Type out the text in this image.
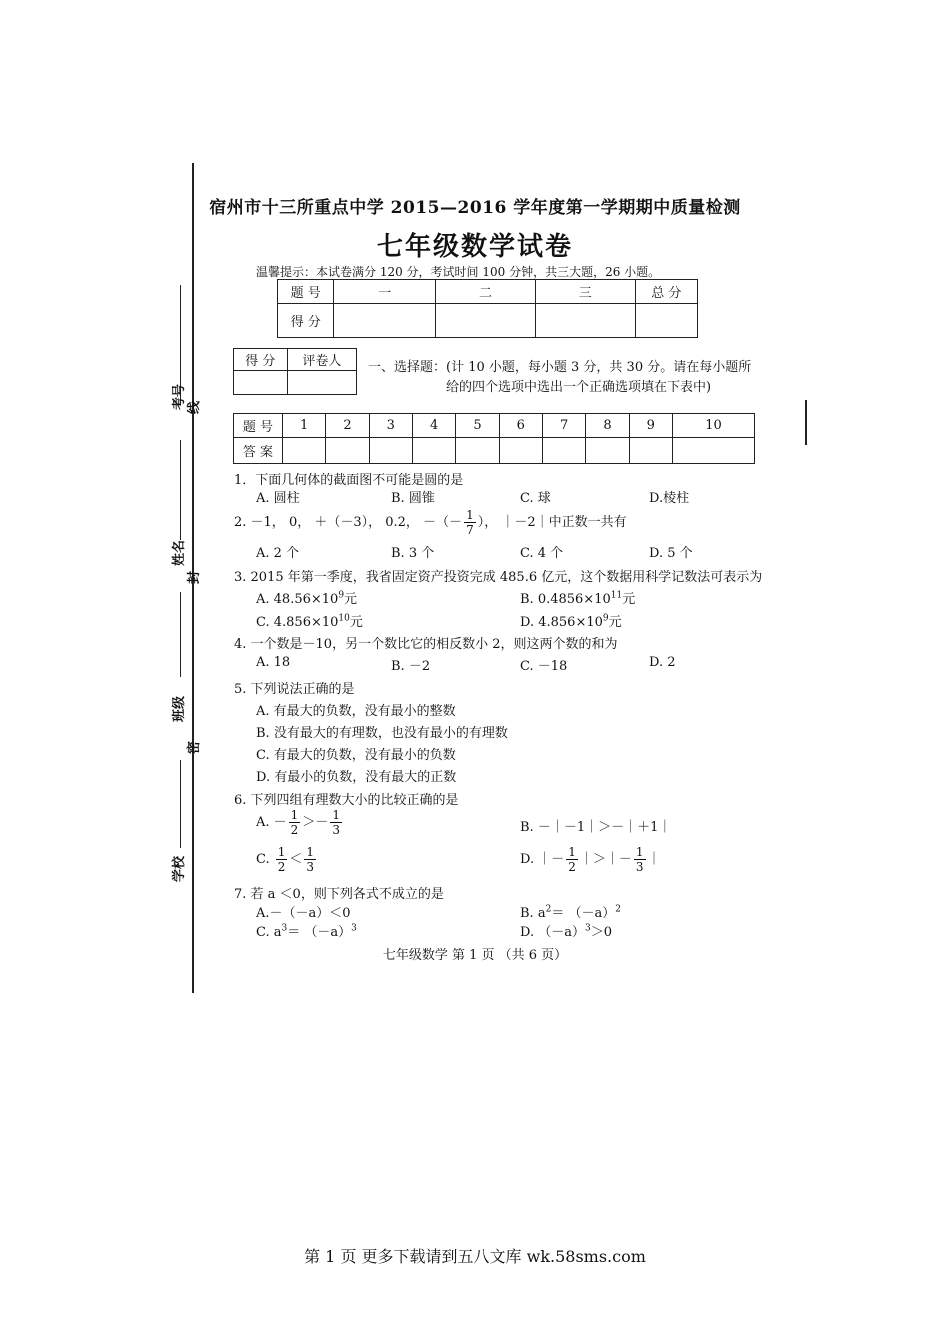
考号 线
姓名
封
班级
密
学校
宿州市十三所重点中学 2015—2016 学年度第一学期期中质量检测
七年级数学试卷
温馨提示：本试卷满分 120 分，考试时间 100 分钟，共三大题，26 小题。
题 号	一	二	三	总 分
得 分				
得 分	评卷人
	一、选择题：(计 10 小题，每小题 3 分，共 30 分。请在每小题所
给的四个选项中选出一个正确选项填在下表中)
题 号	1	2	3	4	5	6	7	8	9	10
答 案										
1．下面几何体的截面图不可能是圆的是
A. 圆柱	B. 圆锥	C. 球	D.棱柱
2. －1， 0， ＋（－3）， 0.2， －（－ $\frac{1}{7}$ ）， ｜－2｜中正数一共有
A. 2 个	B. 3 个	C. 4 个	D. 5 个
3. 2015 年第一季度，我省固定资产投资完成 485.6 亿元，这个数据用科学记数法可表示为
A. $48.56\times 10^9$元	B. $0.4856\times 10^{11}$元
C. $4.856\times 10^{10}$元	D. $4.856\times 10^9$元
4. 一个数是－10，另一个数比它的相反数小 2，则这两个数的和为
A. 18	B. －2	C. －18	D. 2
5. 下列说法正确的是
A. 有最大的负数，没有最小的整数
B. 没有最大的有理数，也没有最小的有理数
C. 有最大的负数，没有最小的负数
D. 有最小的负数，没有最大的正数
6. 下列四组有理数大小的比较正确的是
A. － $\frac{1}{2} >- \frac{1}{3}$	B. －｜－1｜＞－｜＋1｜
C. $\frac{1}{2} < \frac{1}{3}$	D. ｜－ $\frac{1}{2}$ ｜＞｜－ $\frac{1}{3}$ ｜
7. 若 a ＜0，则下列各式不成立的是
A.－（－a）＜0	B. $a^2= (-a)^2$
C. $a^3= (-a)^3$	D. $(-a)^3>0$
七年级数学 第 1 页 （共 6 页）
第 1 页 更多下载请到五八文库 wk.58sms.com
